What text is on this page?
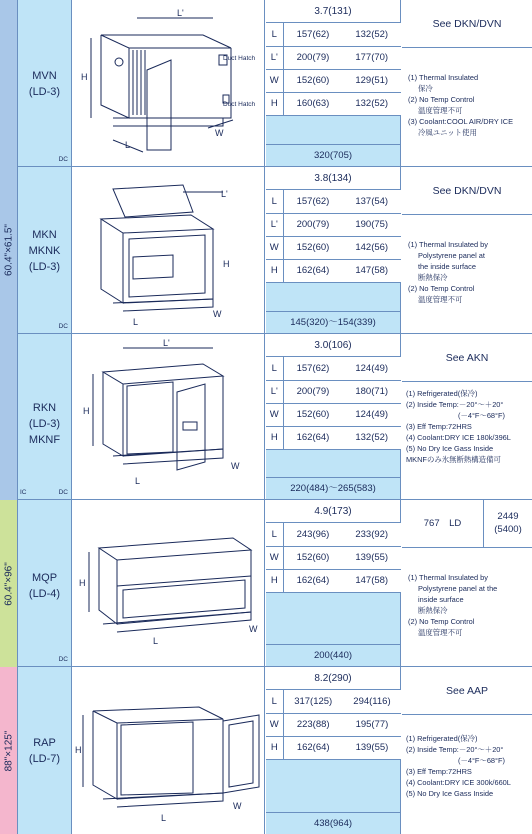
60.4"×61.5"
60.4"×96"
88"×125"
MVN
(LD-3)
DC
L'
H
L
W
Duct Hatch
Duct Hatch
3.7(131)
L	157(62)	132(52)
L'	200(79)	177(70)
W	152(60)	129(51)
H	160(63)	132(52)
320(705)
See DKN/DVN
(1) Thermal Insulated
保冷
(2) No Temp Control
温度管理不可
(3) Coolant:COOL AIR/DRY ICE
冷風ユニット使用
MKN
MKNK
(LD-3)
DC
L'
H
L
W
3.8(134)
L	157(62)	137(54)
L'	200(79)	190(75)
W	152(60)	142(56)
H	162(64)	147(58)
145(320)～154(339)
See DKN/DVN
(1) Thermal Insulated by
Polystyrene panel at
the inside surface
断熱保冷
(2) No Temp Control
温度管理不可
RKN
(LD-3)
MKNF
DC
IC
L'
H
L
W
3.0(106)
L	157(62)	124(49)
L'	200(79)	180(71)
W	152(60)	124(49)
H	162(64)	132(52)
220(484)～265(583)
See AKN
(1) Refrigerated(保冷)
(2) Inside Temp:－20°～＋20°
(－4°F～68°F)
(3) Eff Temp:72HRS
(4) Coolant:DRY ICE 180k/396L
(5) No Dry Ice Gass Inside
MKNFのみ氷無断熱構造備可
MQP
(LD-4)
DC
H
L
W
4.9(173)
L	243(96)	233(92)
W	152(60)	139(55)
H	162(64)	147(58)
200(440)
767　LD
2449
(5400)
(1) Thermal Insulated by
Polystyrene panel at the
inside surface
断熱保冷
(2) No Temp Control
温度管理不可
RAP
(LD-7)
H
L
W
8.2(290)
L	317(125)	294(116)
W	223(88)	195(77)
H	162(64)	139(55)
438(964)
See AAP
(1) Refrigerated(保冷)
(2) Inside Temp:－20°～＋20°
(－4°F～68°F)
(3) Eff Temp:72HRS
(4) Coolant:DRY ICE 300k/660L
(5) No Dry Ice Gass Inside
